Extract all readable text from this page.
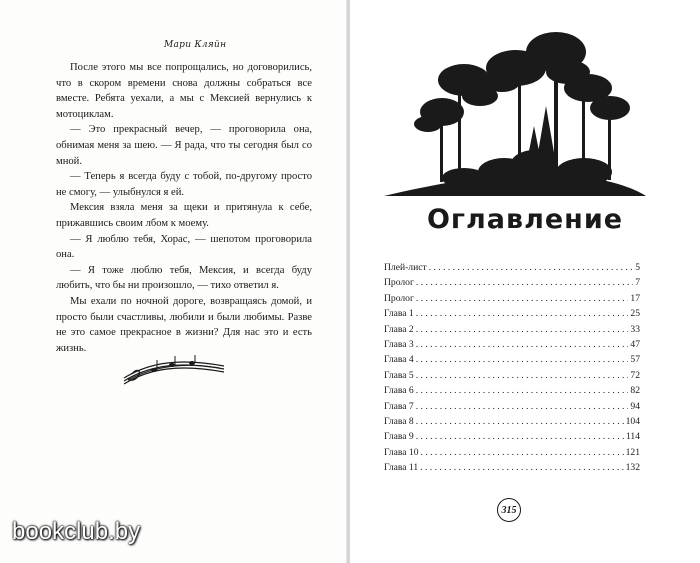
Мари Кляйн

После этого мы все попрощались, но договорились, что в скором времени снова должны собраться все вместе. Ребята уехали, а мы с Мексией вернулись к мотоциклам.

— Это прекрасный вечер, — проговорила она, обнимая меня за шею. — Я рада, что ты сегодня был со мной.

— Теперь я всегда буду с тобой, по-другому просто не смогу, — улыбнулся я ей.

Мексия взяла меня за щеки и притянула к себе, прижавшись своим лбом к моему.

— Я люблю тебя, Хорас, — шепотом проговорила она.

— Я тоже люблю тебя, Мексия, и всегда буду любить, что бы ни произошло, — тихо ответил я.

Мы ехали по ночной дороге, возвращаясь домой, и просто были счастливы, любили и были любимы. Разве не это самое прекрасное в жизни? Для нас это и есть жизнь.

Оглавление
Плей-лист . . .	5
Пролог . . .	7
Пролог . . .	17
Глава 1 . . .	25
Глава 2 . . .	33
Глава 3 . . .	47
Глава 4 . . .	57
Глава 5 . . .	72
Глава 6 . . .	82
Глава 7 . . .	94
Глава 8 . . .	104
Глава 9 . . .	114
Глава 10 . . .	121
Глава 11 . . .	132
315
bookclub.by
